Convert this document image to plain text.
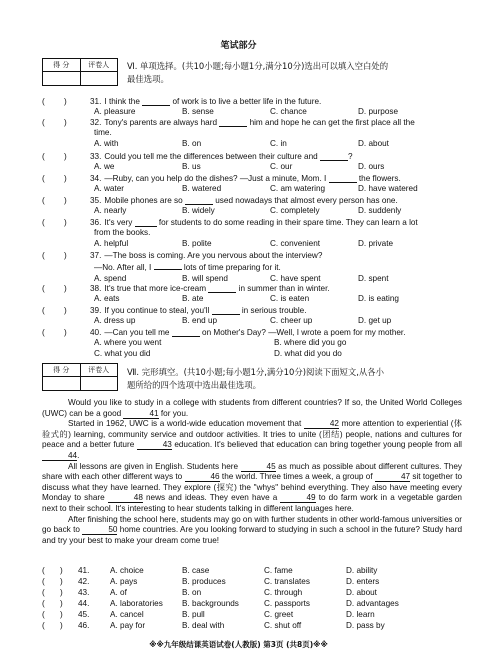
笔试部分
得 分	评卷人	Ⅵ. 单项选择。(共10小题;每小题1分,满分10分)选出可以填入空白处的
最佳选项。
(	)	31. I think the

	of work is to live a better life in the future.
A. pleasure	B. sense	C. chance	D. purpose
(	)	32. Tony's parents are always hard

	him and hope he can get the first place all the
time.
A. with	B. on	C. in	D. about
(	)	33. Could you tell me the differences between their culture and
	?
A. we	B. us	C. our	D. ours
(	)	34. —Ruby, can you help do the dishes? —Just a minute, Mom. I

	the flowers.
A. water	B. watered	C. am watering	D. have watered
(	)	35. Mobile phones are so

	used nowadays that almost every person has one.
A. nearly	B. widely	C. completely	D. suddenly
(	)	36. It's very

	for students to do some reading in their spare time. They can learn a lot
from the books.
A. helpful	B. polite	C. convenient	D. private
(	)	37. —The boss is coming. Are you nervous about the interview?
—No. After all, I	lots of time preparing for it.
A. spend	B. will spend	C. have spent	D. spent
(	)	38. It's true that more ice-cream

	in summer than in winter.
A. eats	B. ate	C. is eaten	D. is eating
(	)	39. If you continue to steal, you'll

	in serious trouble.
A. dress up	B. end up	C. cheer up	D. get up
(	)	40. —Can you tell me

	on Mother's Day? —Well, I wrote a poem for my mother.
A. where you went	B. where did you go
C. what you did	D. what did you do
得 分	评卷人	Ⅶ. 完形填空。(共10小题;每小题1分,满分10分)阅读下面短文,从各小
题所给的四个选项中选出最佳选项。

Would you like to study in a college with students from different countries? If so, the United World Colleges (UWC) can be a good	41 for you.

Started in 1962, UWC is a world-wide education movement that	42 more attention to experiential (体验式的) learning, community service and outdoor activities. It tries to unite (团结) people, nations and cultures for peace and a better future	43 education. It's believed that education can bring together young people from all 44.

All lessons are given in English. Students here	45 as much as possible about different cultures. They share with each other different ways to	46 the world. Three times a week, a group of	47 sit together to discuss what they have learned. They explore (探究) the "whys" behind everything. They also have meeting every Monday to share	48 news and ideas. They even have a	49 to do farm work in a vegetable garden next to their school. It's interesting to hear students talking in different languages here.

After finishing the school here, students may go on with further students in other world-famous universities or go back to	50 home countries. Are you looking forward to studying in such a school in the future? Study hard and try your best to make your dream come true!

(	)	41.	A. choice	B. case	C. fame	D. ability
(	)	42.	A. pays	B. produces	C. translates	D. enters
(	)	43.	A. of	B. on	C. through	D. about
(	)	44.	A. laboratories	B. backgrounds	C. passports	D. advantages
(	)	45.	A. cancel	B. pull	C. greet	D. learn
(	)	46.	A. pay for	B. deal with	C. shut off	D. pass by
※※九年级结课英语试卷(人教版) 第3页 (共8页)※※
